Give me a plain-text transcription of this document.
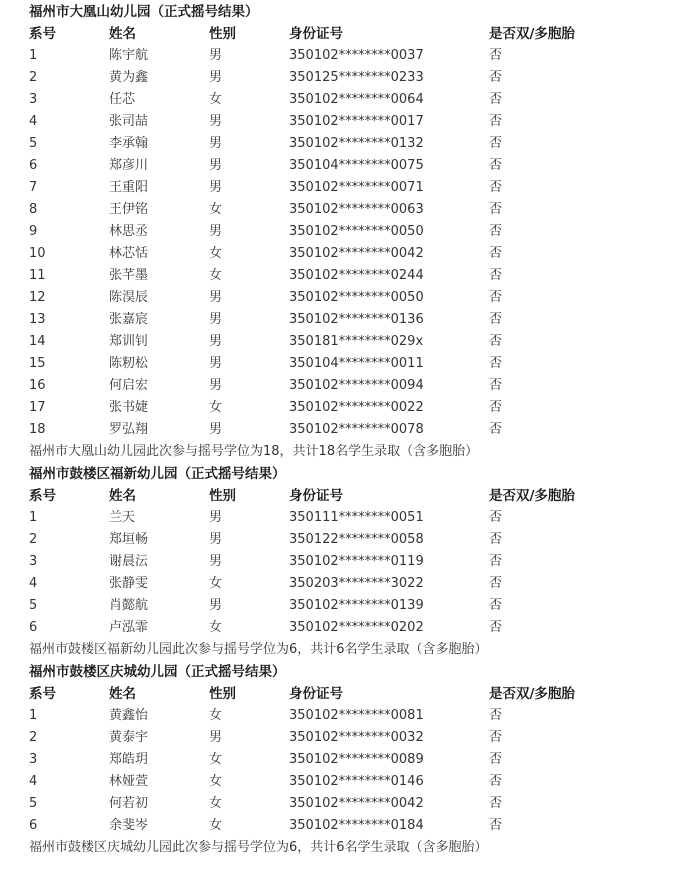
福州市大凰山幼儿园（正式摇号结果）
系号	姓名	性别	身份证号	是否双/多胞胎
1	陈宇航	男	350102********0037	否
2	黄为鑫	男	350125********0233	否
3	任芯	女	350102********0064	否
4	张司喆	男	350102********0017	否
5	李承翰	男	350102********0132	否
6	郑彦川	男	350104********0075	否
7	王重阳	男	350102********0071	否
8	王伊铭	女	350102********0063	否
9	林思丞	男	350102********0050	否
10	林芯恬	女	350102********0042	否
11	张芊墨	女	350102********0244	否
12	陈淏辰	男	350102********0050	否
13	张嘉宸	男	350102********0136	否
14	郑训钊	男	350181********029x	否
15	陈籾松	男	350104********0011	否
16	何启宏	男	350102********0094	否
17	张书婕	女	350102********0022	否
18	罗弘翔	男	350102********0078	否
福州市大凰山幼儿园此次参与摇号学位为18，共计18名学生录取（含多胞胎）
福州市鼓楼区福新幼儿园（正式摇号结果）
系号	姓名	性别	身份证号	是否双/多胞胎
1	兰天	男	350111********0051	否
2	郑垣畅	男	350122********0058	否
3	谢晨沄	男	350102********0119	否
4	张静雯	女	350203********3022	否
5	肖懿航	男	350102********0139	否
6	卢泓霏	女	350102********0202	否
福州市鼓楼区福新幼儿园此次参与摇号学位为6，共计6名学生录取（含多胞胎）
福州市鼓楼区庆城幼儿园（正式摇号结果）
系号	姓名	性别	身份证号	是否双/多胞胎
1	黄鑫怡	女	350102********0081	否
2	黄泰宇	男	350102********0032	否
3	郑皓玥	女	350102********0089	否
4	林娅萱	女	350102********0146	否
5	何若初	女	350102********0042	否
6	余斐岑	女	350102********0184	否
福州市鼓楼区庆城幼儿园此次参与摇号学位为6，共计6名学生录取（含多胞胎）
